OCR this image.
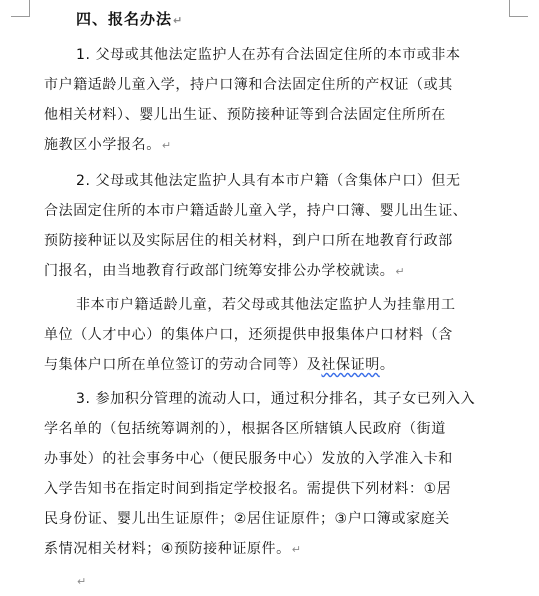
四、报名办法↵
1. 父母或其他法定监护人在苏有合法固定住所的本市或非本
市户籍适龄儿童入学，持户口簿和合法固定住所的产权证（或其
他相关材料）、婴儿出生证、预防接种证等到合法固定住所所在
施教区小学报名。↵
2. 父母或其他法定监护人具有本市户籍（含集体户口）但无
合法固定住所的本市户籍适龄儿童入学，持户口簿、婴儿出生证、
预防接种证以及实际居住的相关材料，到户口所在地教育行政部
门报名，由当地教育行政部门统筹安排公办学校就读。↵
非本市户籍适龄儿童，若父母或其他法定监护人为挂靠用工
单位（人才中心）的集体户口，还须提供申报集体户口材料（含
与集体户口所在单位签订的劳动合同等）及社保证明。
3. 参加积分管理的流动人口，通过积分排名，其子女已列入入
学名单的（包括统筹调剂的），根据各区所辖镇人民政府（街道
办事处）的社会事务中心（便民服务中心）发放的入学准入卡和
入学告知书在指定时间到指定学校报名。需提供下列材料：①居
民身份证、婴儿出生证原件；②居住证原件；③户口簿或家庭关
系情况相关材料；④预防接种证原件。↵
↵
